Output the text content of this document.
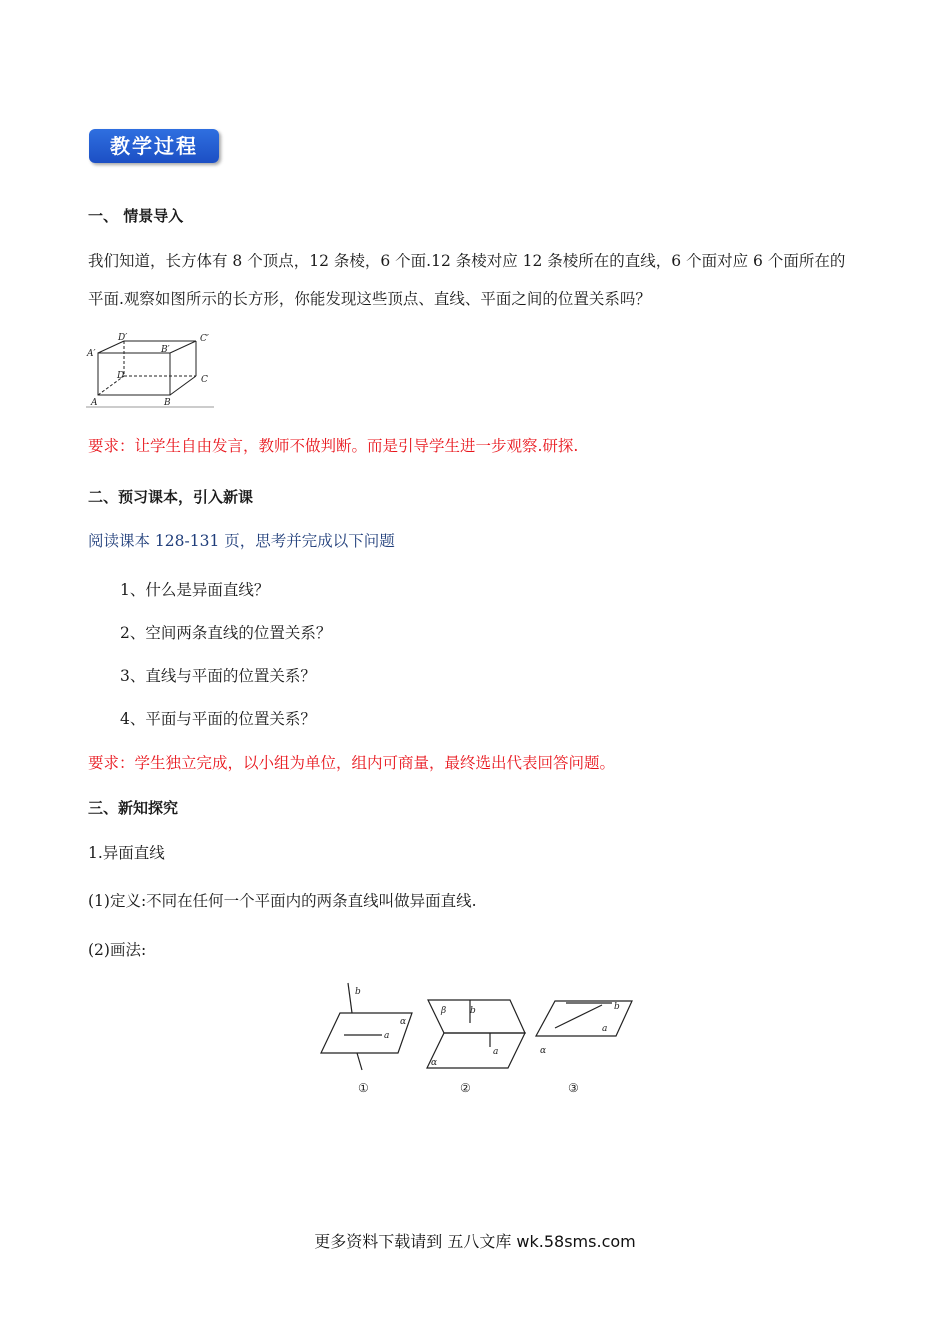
教学过程
一、 情景导入
我们知道，长方体有 8 个顶点，12 条棱，6 个面.12 条棱对应 12 条棱所在的直线，6 个面对应 6 个面所在的
平面.观察如图所示的长方形，你能发现这些顶点、直线、平面之间的位置关系吗？
A′
D′
B′
C′
D	C
A	B
要求：让学生自由发言，教师不做判断。而是引导学生进一步观察.研探.
二、预习课本，引入新课
阅读课本 128-131 页，思考并完成以下问题
1、什么是异面直线？
2、空间两条直线的位置关系？
3、直线与平面的位置关系？
4、平面与平面的位置关系？
要求：学生独立完成，以小组为单位，组内可商量，最终选出代表回答问题。
三、新知探究
1.异面直线
(1)定义:不同在任何一个平面内的两条直线叫做异面直线.
(2)画法:
b
α
a
β	b
a
α
b
a
α
①	②	③
更多资料下载请到 五八文库 wk.58sms.com
